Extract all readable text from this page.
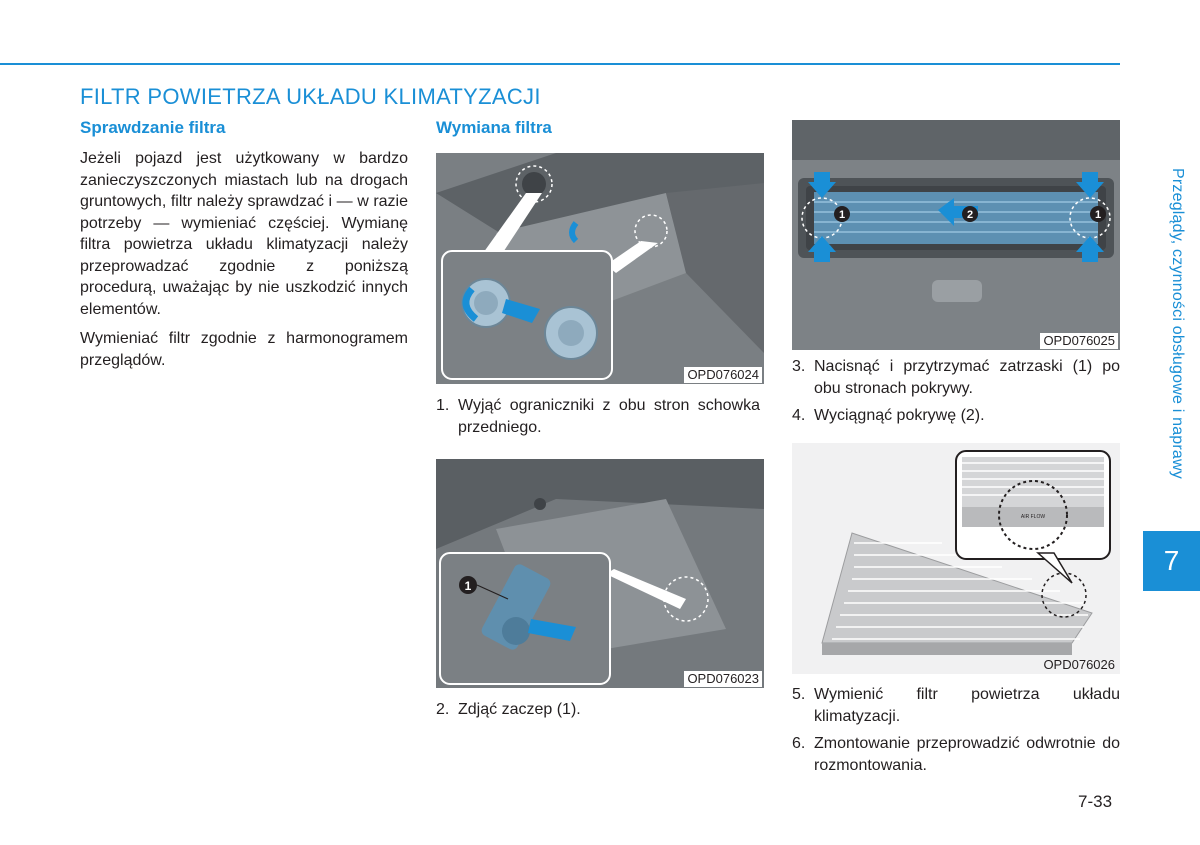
FILTR POWIETRZA UKŁADU KLIMATYZACJI
Sprawdzanie filtra

Jeżeli pojazd jest użytkowany w bardzo zanieczyszczonych miastach lub na drogach gruntowych, filtr należy sprawdzać i — w razie potrzeby — wymieniać częściej. Wymianę filtra powietrza układu klimatyzacji należy przeprowadzać zgodnie z poniższą procedurą, uważając by nie uszkodzić innych elementów.

Wymieniać filtr zgodnie z harmonogramem przeglądów.

Wymiana filtra
OPD076024
1. Wyjąć ograniczniki z obu stron schowka przedniego.
1
OPD076023
2. Zdjąć zaczep (1).
1	2	1
OPD076025
3. Nacisnąć i przytrzymać zatrzaski (1) po obu stronach pokrywy.
4. Wyciągnąć pokrywę (2).
AIR FLOW
OPD076026
5. Wymienić filtr powietrza układu klimatyzacji.
6. Zmontowanie przeprowadzić odwrotnie do rozmontowania.
Przeglądy, czynności obsługowe i naprawy
7
7-33
